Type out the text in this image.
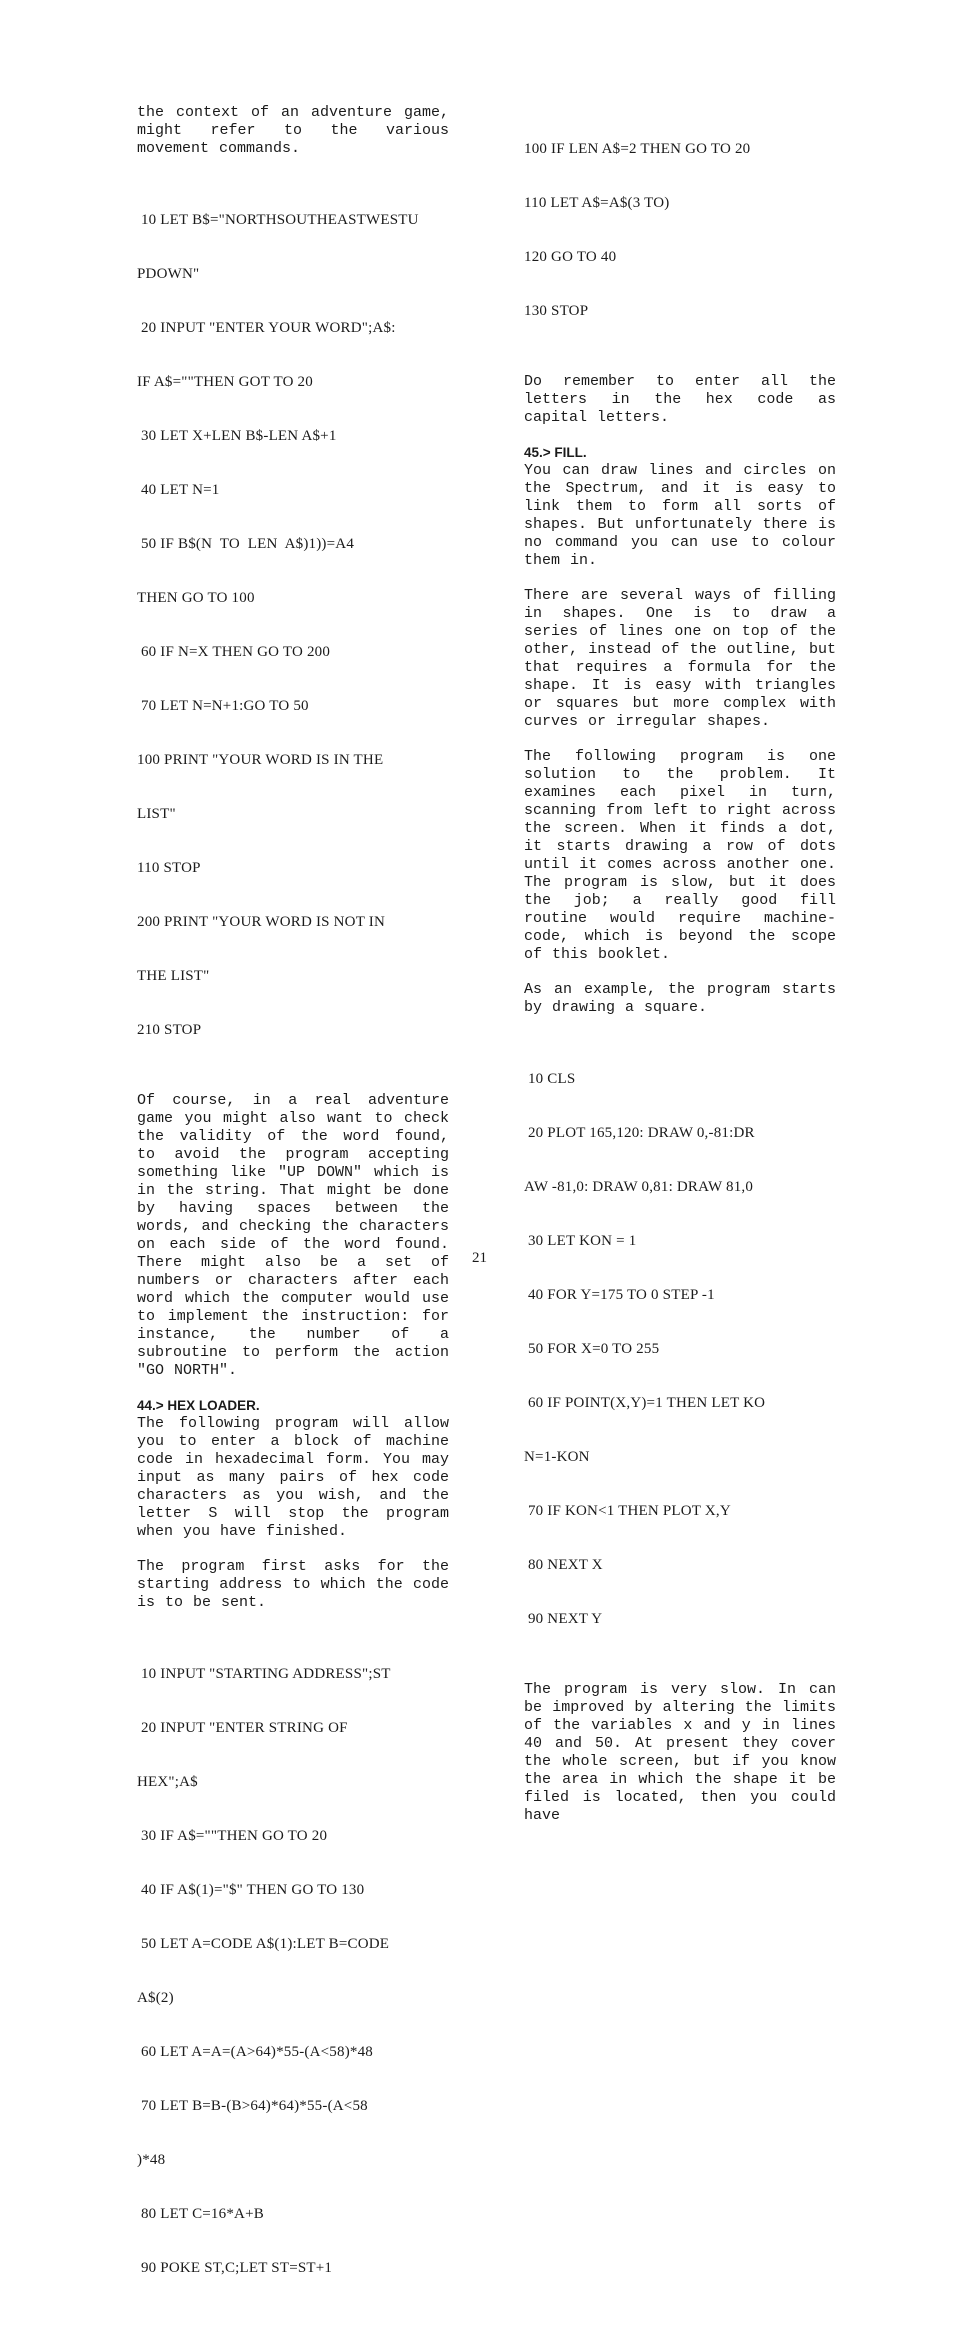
the context of an adventure game, might refer to the various movement commands.

10 LET B$="NORTHSOUTHEASTWESTU

PDOWN"

20 INPUT "ENTER YOUR WORD";A$:

IF A$=""THEN GOT TO 20

30 LET X+LEN B$-LEN A$+1

40 LET N=1

50 IF B$(N  TO  LEN  A$)1))=A4

THEN GO TO 100

60 IF N=X THEN GO TO 200

70 LET N=N+1:GO TO 50

100 PRINT "YOUR WORD IS IN THE

LIST"

110 STOP

200 PRINT "YOUR WORD IS NOT IN

THE LIST"

210 STOP

Of course, in a real adventure game you might also want to check the validity of the word found, to avoid the program accepting something like "UP DOWN" which is in the string. That might be done by having spaces between the words, and checking the characters on each side of the word found. There might also be a set of numbers or characters after each word which the computer would use to implement the instruction: for instance, the number of a subroutine to perform the action "GO NORTH".

44.> HEX LOADER.

The following program will allow you to enter a block of machine code in hexadecimal form. You may input as many pairs of hex code characters as you wish, and the letter S will stop the program when you have finished.

The program first asks for the starting address to which the code is to be sent.

10 INPUT "STARTING ADDRESS";ST

20 INPUT "ENTER STRING OF

HEX";A$

30 IF A$=""THEN GO TO 20

40 IF A$(1)="$" THEN GO TO 130

50 LET A=CODE A$(1):LET B=CODE

A$(2)

60 LET A=A=(A>64)*55-(A<58)*48

70 LET B=B-(B>64)*64)*55-(A<58

)*48

80 LET C=16*A+B

90 POKE ST,C;LET ST=ST+1

100 IF LEN A$=2 THEN GO TO 20

110 LET A$=A$(3 TO)

120 GO TO 40

130 STOP

Do remember to enter all the letters in the hex code as capital letters.

45.> FILL.

You can draw lines and circles on the Spectrum, and it is easy to link them to form all sorts of shapes. But unfortunately there is no command you can use to colour them in.

There are several ways of filling in shapes. One is to draw a series of lines one on top of the other, instead of the outline, but that requires a formula for the shape. It is easy with triangles or squares but more complex with curves or irregular shapes.

The following program is one solution to the problem. It examines each pixel in turn, scanning from left to right across the screen. When it finds a dot, it starts drawing a row of dots until it comes across another one. The program is slow, but it does the job; a really good fill routine would require machine-code, which is beyond the scope of this booklet.

As an example, the program starts by drawing a square.

10 CLS

20 PLOT 165,120: DRAW 0,-81:DR

AW -81,0: DRAW 0,81: DRAW 81,0

30 LET KON = 1

40 FOR Y=175 TO 0 STEP -1

50 FOR X=0 TO 255

60 IF POINT(X,Y)=1 THEN LET KO

N=1-KON

70 IF KON<1 THEN PLOT X,Y

80 NEXT X

90 NEXT Y

The program is very slow. In can be improved by altering the limits of the variables x and y in lines 40 and 50. At present they cover the whole screen, but if you know the area in which the shape it be filed is located, then you could have

21
